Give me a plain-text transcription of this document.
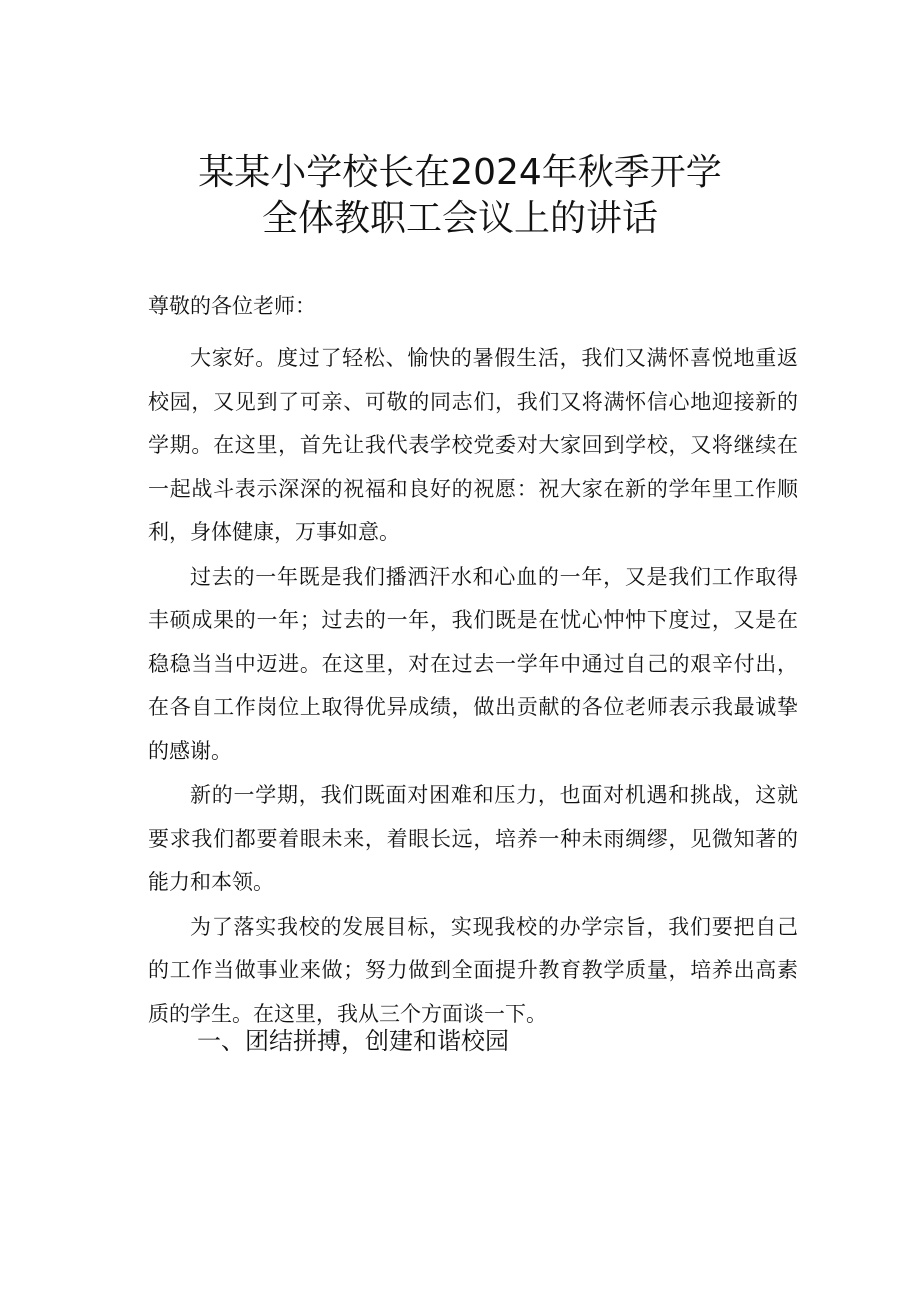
某某小学校长在2024年秋季开学
全体教职工会议上的讲话
尊敬的各位老师：

大家好。度过了轻松、愉快的暑假生活，我们又满怀喜悦地重返校园，又见到了可亲、可敬的同志们，我们又将满怀信心地迎接新的学期。在这里，首先让我代表学校党委对大家回到学校，又将继续在一起战斗表示深深的祝福和良好的祝愿：祝大家在新的学年里工作顺利，身体健康，万事如意。

过去的一年既是我们播洒汗水和心血的一年，又是我们工作取得丰硕成果的一年；过去的一年，我们既是在忧心忡忡下度过，又是在稳稳当当中迈进。在这里，对在过去一学年中通过自己的艰辛付出，在各自工作岗位上取得优异成绩，做出贡献的各位老师表示我最诚挚的感谢。

新的一学期，我们既面对困难和压力，也面对机遇和挑战，这就要求我们都要着眼未来，着眼长远，培养一种未雨绸缪，见微知著的能力和本领。

为了落实我校的发展目标，实现我校的办学宗旨，我们要把自己的工作当做事业来做；努力做到全面提升教育教学质量，培养出高素质的学生。在这里，我从三个方面谈一下。

一、团结拼搏，创建和谐校园
